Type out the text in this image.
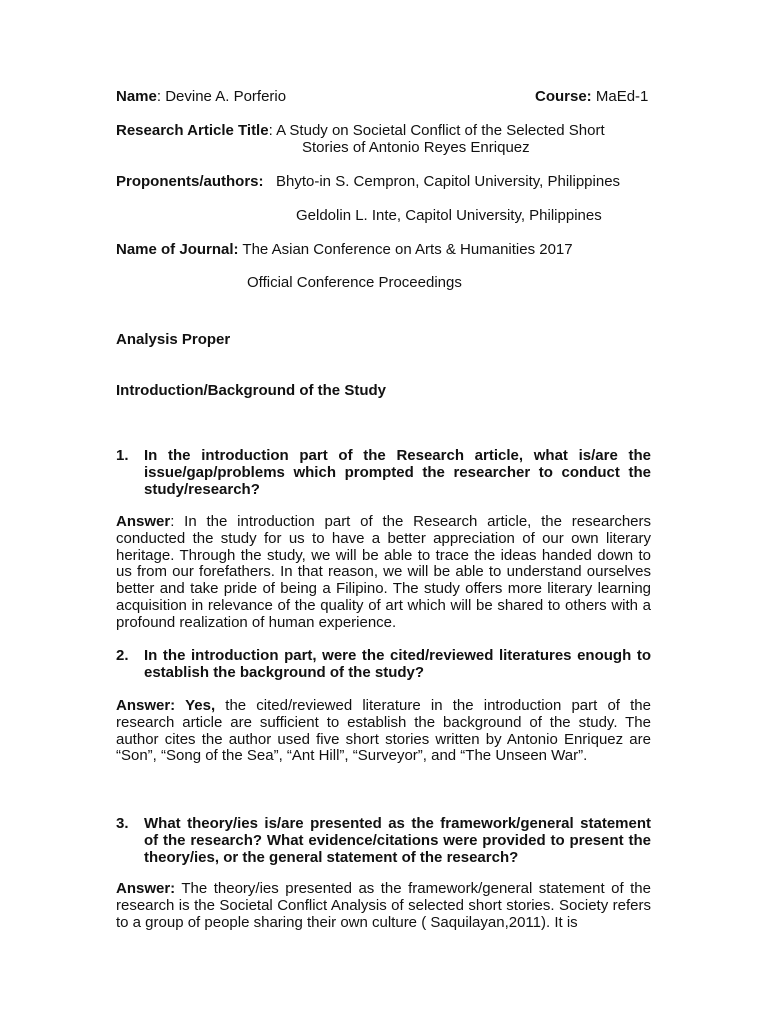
Name: Devine A. Porferio	Course: MaEd-1
Research Article Title: A Study on Societal Conflict of the Selected Short
Stories of Antonio Reyes Enriquez
Proponents/authors: Bhyto-in S. Cempron, Capitol University, Philippines
Geldolin L. Inte, Capitol University, Philippines
Name of Journal: The Asian Conference on Arts & Humanities 2017
Official Conference Proceedings
Analysis Proper
Introduction/Background of the Study
1. In the introduction part of the Research article, what is/are the issue/gap/problems which prompted the researcher to conduct the study/research?
Answer: In the introduction part of the Research article, the researchers conducted the study for us to have a better appreciation of our own literary heritage. Through the study, we will be able to trace the ideas handed down to us from our forefathers. In that reason, we will be able to understand ourselves better and take pride of being a Filipino. The study offers more literary learning acquisition in relevance of the quality of art which will be shared to others with a profound realization of human experience.
2. In the introduction part, were the cited/reviewed literatures enough to establish the background of the study?
Answer: Yes, the cited/reviewed literature in the introduction part of the research article are sufficient to establish the background of the study. The author cites the author used five short stories written by Antonio Enriquez are “Son”, “Song of the Sea”, “Ant Hill”, “Surveyor”, and “The Unseen War”.
3. What theory/ies is/are presented as the framework/general statement of the research? What evidence/citations were provided to present the theory/ies, or the general statement of the research?
Answer: The theory/ies presented as the framework/general statement of the research is the Societal Conflict Analysis of selected short stories. Society refers to a group of people sharing their own culture ( Saquilayan,2011). It is
